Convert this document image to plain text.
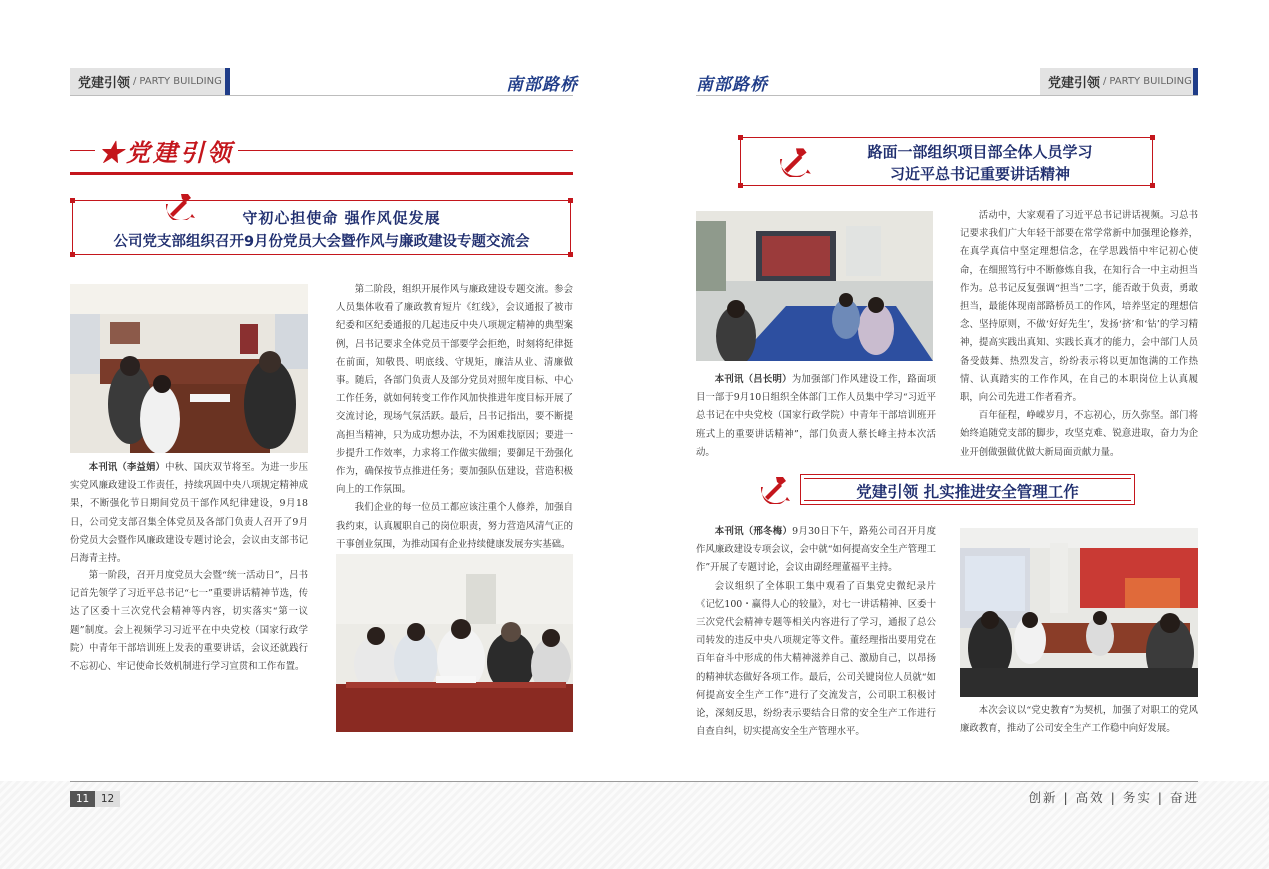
党建引领 / PARTY BUILDING	南部路桥	南部路桥	党建引领 / PARTY BUILDING
★党建引领
守初心担使命 强作风促发展
公司党支部组织召开9月份党员大会暨作风与廉政建设专题交流会

本刊讯（李益娟）中秋、国庆双节将至。为进一步压实党风廉政建设工作责任，持续巩固中央八项规定精神成果，不断强化节日期间党员干部作风纪律建设，9月18日，公司党支部召集全体党员及各部门负责人召开了9月份党员大会暨作风廉政建设专题讨论会，会议由支部书记吕海青主持。

第一阶段，召开月度党员大会暨“统一活动日”，吕书记首先领学了习近平总书记“七一”重要讲话精神节选，传达了区委十三次党代会精神等内容，切实落实“第一议题”制度。会上视频学习习近平在中央党校（国家行政学院）中青年干部培训班上发表的重要讲话，会议还就践行不忘初心、牢记使命长效机制进行学习宣贯和工作布置。

第二阶段，组织开展作风与廉政建设专题交流。参会人员集体收看了廉政教育短片《红线》，会议通报了被市纪委和区纪委通报的几起违反中央八项规定精神的典型案例，吕书记要求全体党员干部要学会拒绝，时刻将纪律挺在前面，知敬畏、明底线、守规矩，廉洁从业、清廉做事。随后，各部门负责人及部分党员对照年度目标、中心工作任务，就如何转变工作作风加快推进年度目标开展了交流讨论，现场气氛活跃。最后，吕书记指出，要不断提高担当精神，只为成功想办法，不为困难找原因；要进一步提升工作效率，力求将工作做实做细；要御足干劲强化作为，确保按节点推进任务；要加强队伍建设，营造积极向上的工作氛围。

我们企业的每一位员工都应该注重个人修养，加强自我约束，认真履职自己的岗位职责，努力营造风清气正的干事创业氛围，为推动国有企业持续健康发展夯实基础。

路面一部组织项目部全体人员学习
习近平总书记重要讲话精神

本刊讯（吕长明）为加强部门作风建设工作，路面项目一部于9月10日组织全体部门工作人员集中学习“习近平总书记在中央党校（国家行政学院）中青年干部培训班开班式上的重要讲话精神”，部门负责人蔡长峰主持本次活动。

活动中，大家观看了习近平总书记讲话视频。习总书记要求我们广大年轻干部要在常学常新中加强理论修养，在真学真信中坚定理想信念，在学思践悟中牢记初心使命，在细照笃行中不断修炼自我，在知行合一中主动担当作为。总书记反复强调“担当”二字，能否敢于负责，勇敢担当，最能体现南部路桥员工的作风，培养坚定的理想信念、坚持原则，不做‘好好先生’，发扬‘挤’和‘钻’的学习精神，提高实践出真知、实践长真才的能力，会中部门人员备受鼓舞、热烈发言，纷纷表示将以更加饱满的工作热情、认真踏实的工作作风，在自己的本职岗位上认真履职，向公司先进工作者看齐。

百年征程，峥嵘岁月，不忘初心，历久弥坚。部门将始终追随党支部的脚步，攻坚克难、锐意进取，奋力为企业开创做强做优做大新局面贡献力量。

党建引领 扎实推进安全管理工作

本刊讯（邢冬梅）9月30日下午，路苑公司召开月度作风廉政建设专项会议，会中就“如何提高安全生产管理工作”开展了专题讨论，会议由副经理董福平主持。

会议组织了全体职工集中观看了百集党史微纪录片《记忆100・赢得人心的较量》，对七一讲话精神、区委十三次党代会精神专题等相关内容进行了学习，通报了总公司转发的违反中央八项规定等文件。董经理指出要用党在百年奋斗中形成的伟大精神滋养自己、激励自己，以昂扬的精神状态做好各项工作。最后，公司关键岗位人员就“如何提高安全生产工作”进行了交流发言，公司职工积极讨论，深刻反思，纷纷表示要结合日常的安全生产工作进行自查自纠，切实提高安全生产管理水平。

本次会议以“党史教育”为契机，加强了对职工的党风廉政教育，推动了公司安全生产工作稳中向好发展。

11	12	创新 | 高效 | 务实 | 奋进
